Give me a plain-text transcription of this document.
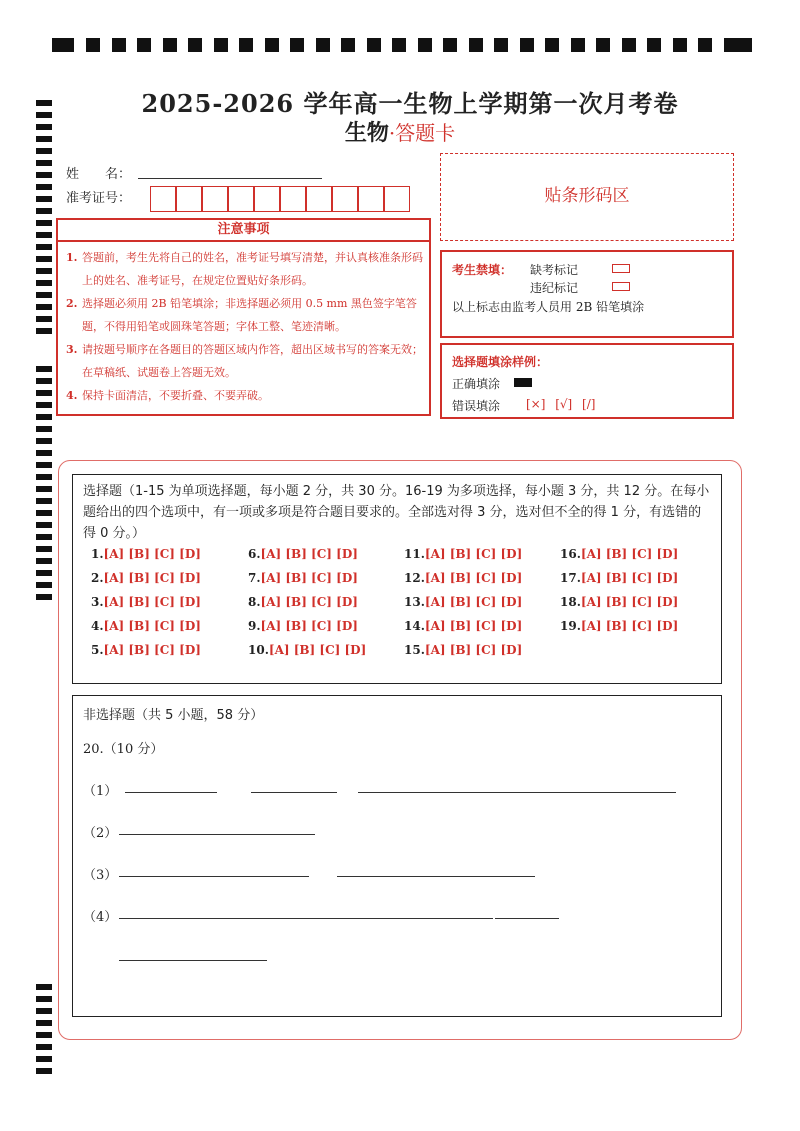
2025-2026 学年高一生物上学期第一次月考卷
生物·答题卡
姓　　名：
准考证号：
注意事项
1. 答题前，考生先将自己的姓名，准考证号填写清楚，并认真核准条形码上的姓名、准考证号，在规定位置贴好条形码。
2. 选择题必须用 2B 铅笔填涂；非选择题必须用 0.5 mm 黑色签字笔答题，不得用铅笔或圆珠笔答题；字体工整、笔迹清晰。
3. 请按题号顺序在各题目的答题区域内作答，超出区域书写的答案无效；在草稿纸、试题卷上答题无效。
4. 保持卡面清洁，不要折叠、不要弄破。
贴条形码区
考生禁填： 缺考标记
违纪标记
以上标志由监考人员用 2B 铅笔填涂
选择题填涂样例：
正确填涂
错误填涂 [×] [√] [/]
选择题（1-15 为单项选择题，每小题 2 分，共 30 分。16-19 为多项选择，每小题 3 分，共 12 分。在每小题给出的四个选项中，有一项或多项是符合题目要求的。全部选对得 3 分，选对但不全的得 1 分，有选错的得 0 分。）
1.[A] [B] [C] [D]
2.[A] [B] [C] [D]
3.[A] [B] [C] [D]
4.[A] [B] [C] [D]
5.[A] [B] [C] [D]
6.[A] [B] [C] [D]
7.[A] [B] [C] [D]
8.[A] [B] [C] [D]
9.[A] [B] [C] [D]
10.[A] [B] [C] [D]
11.[A] [B] [C] [D]
12.[A] [B] [C] [D]
13.[A] [B] [C] [D]
14.[A] [B] [C] [D]
15.[A] [B] [C] [D]
16.[A] [B] [C] [D]
17.[A] [B] [C] [D]
18.[A] [B] [C] [D]
19.[A] [B] [C] [D]
非选择题（共 5 小题，58 分）
20.（10 分）
（1）
（2）
（3）
（4）
